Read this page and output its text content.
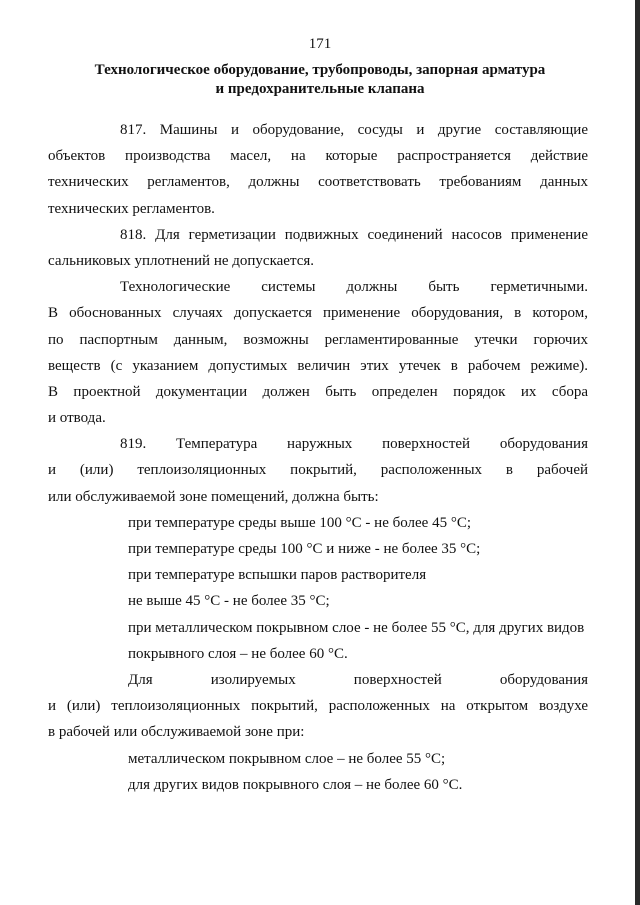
171
Технологическое оборудование, трубопроводы, запорная арматура
и предохранительные клапана
817. Машины и оборудование, сосуды и другие составляющие
объектов производства масел, на которые распространяется действие
технических регламентов, должны соответствовать требованиям данных
технических регламентов.
818. Для герметизации подвижных соединений насосов применение
сальниковых уплотнений не допускается.
Технологические системы должны быть герметичными.
В обоснованных случаях допускается применение оборудования, в котором,
по паспортным данным, возможны регламентированные утечки горючих
веществ (с указанием допустимых величин этих утечек в рабочем режиме).
В проектной документации должен быть определен порядок их сбора
и отвода.
819. Температура наружных поверхностей оборудования
и (или) теплоизоляционных покрытий, расположенных в рабочей
или обслуживаемой зоне помещений, должна быть:
при температуре среды выше 100 °С - не более 45 °С;
при температуре среды 100 °С и ниже - не более 35 °С;
при температуре вспышки паров растворителя
не выше 45 °С - не более 35 °С;
при металлическом покрывном слое - не более 55 °С, для других видов
покрывного слоя – не более 60 °С.
Для изолируемых поверхностей оборудования
и (или) теплоизоляционных покрытий, расположенных на открытом воздухе
в рабочей или обслуживаемой зоне при:
металлическом покрывном слое – не более 55 °С;
для других видов покрывного слоя – не более 60 °С.
